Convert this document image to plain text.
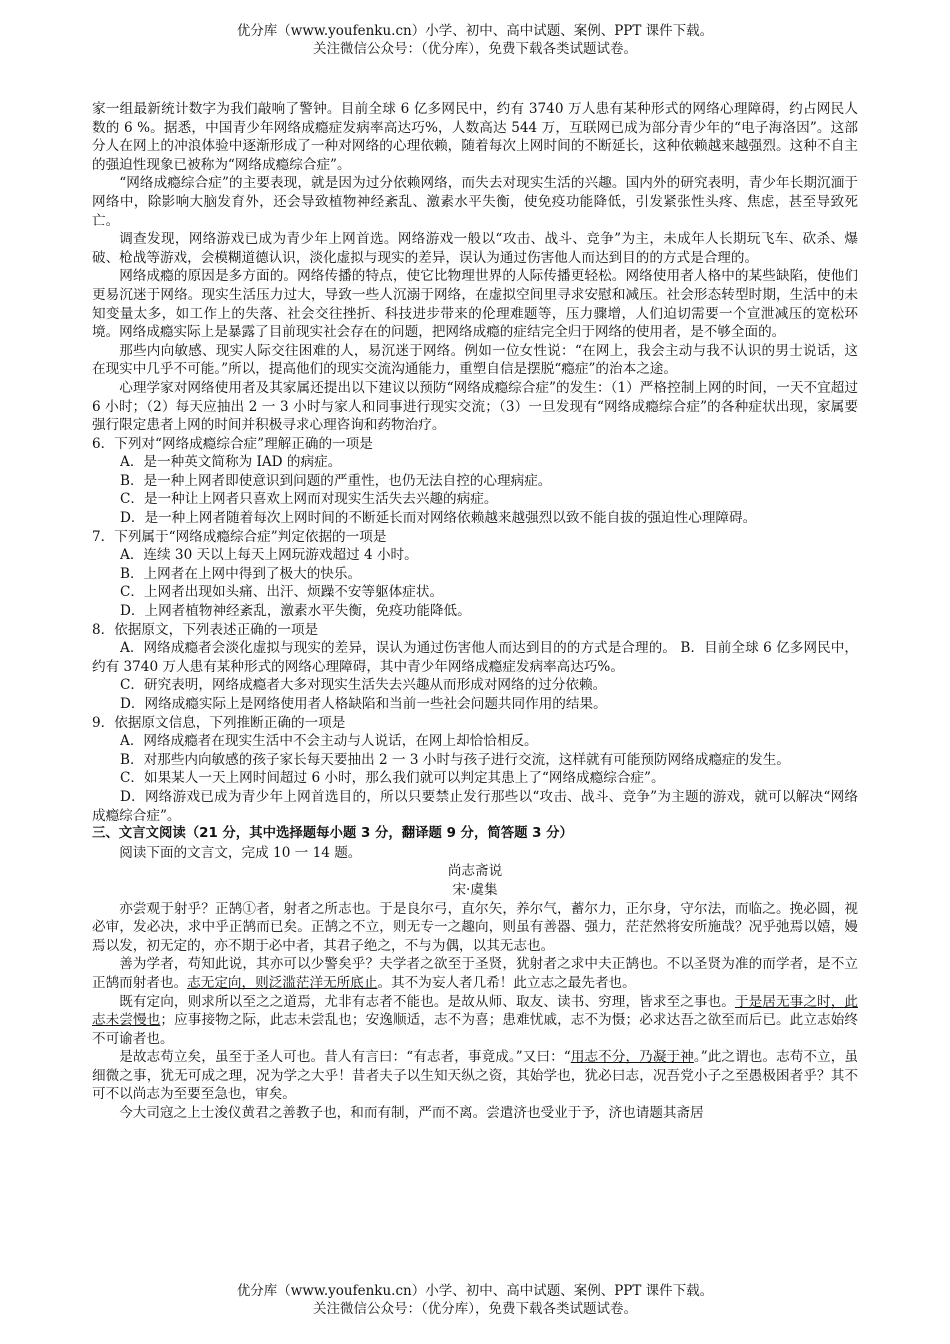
优分库（www.youfenku.cn）小学、初中、高中试题、案例、PPT 课件下载。
关注微信公众号：（优分库），免费下载各类试题试卷。

家一组最新统计数字为我们敲响了警钟。目前全球 6 亿多网民中，约有 3740 万人患有某种形式的网络心理障碍，约占网民人数的 6 %。据悉，中国青少年网络成瘾症发病率高达巧%，人数高达 544 万，互联网已成为部分青少年的“电子海洛因”。这部分人在网上的冲浪体验中逐渐形成了一种对网络的心理依赖，随着每次上网时间的不断延长，这种依赖越来越强烈。这种不自主的强迫性现象已被称为“网络成瘾综合症”。

“网络成瘾综合症”的主要表现，就是因为过分依赖网络，而失去对现实生活的兴趣。国内外的研究表明，青少年长期沉湎于网络中，除影响大脑发育外，还会导致植物神经紊乱、激素水平失衡，使免疫功能降低，引发紧张性头疼、焦虑，甚至导致死亡。

调查发现，网络游戏已成为青少年上网首选。网络游戏一般以“攻击、战斗、竞争”为主，未成年人长期玩飞车、砍杀、爆破、枪战等游戏，会模糊道德认识，淡化虚拟与现实的差异，误认为通过伤害他人而达到目的的方式是合理的。

网络成瘾的原因是多方面的。网络传播的特点，使它比物理世界的人际传播更轻松。网络使用者人格中的某些缺陷，使他们更易沉迷于网络。现实生活压力过大，导致一些人沉溺于网络，在虚拟空间里寻求安慰和减压。社会形态转型时期，生活中的未知变量太多，如工作上的失落、社会交往挫折、科技进步带来的伦理难题等，压力骤增，人们迫切需要一个宣泄减压的宽松环境。网络成瘾实际上是暴露了目前现实社会存在的问题，把网络成瘾的症结完全归于网络的使用者，是不够全面的。

那些内向敏感、现实人际交往困难的人，易沉迷于网络。例如一位女性说：“在网上，我会主动与我不认识的男士说话，这在现实中几乎不可能。”所以，提高他们的现实交流沟通能力，重塑自信是摆脱“瘾症”的治本之途。

心理学家对网络使用者及其家属还提出以下建议以预防“网络成瘾综合症”的发生：（1）严格控制上网的时间，一天不宜超过 6 小时；（2）每天应抽出 2 一 3 小时与家人和同事进行现实交流；（3）一旦发现有“网络成瘾综合症”的各种症状出现，家属要强行限定患者上网的时间并积极寻求心理咨询和药物治疗。

6．下列对“网络成瘾综合症”理解正确的一项是

A．是一种英文简称为 IAD 的病症。

B．是一种上网者即使意识到问题的严重性，也仍无法自控的心理病症。

C．是一种让上网者只喜欢上网而对现实生活失去兴趣的病症。

D．是一种上网者随着每次上网时间的不断延长而对网络依赖越来越强烈以致不能自拔的强迫性心理障碍。

7．下列属于“网络成瘾综合症”判定依据的一项是

A．连续 30 天以上每天上网玩游戏超过 4 小时。

B．上网者在上网中得到了极大的快乐。

C．上网者出现如头痛、出汗、烦躁不安等躯体症状。

D．上网者植物神经紊乱，激素水平失衡，免疫功能降低。

8．依据原文，下列表述正确的一项是

A．网络成瘾者会淡化虚拟与现实的差异，误认为通过伤害他人而达到目的的方式是合理的。 B．目前全球 6 亿多网民中，约有 3740 万人患有某种形式的网络心理障碍，其中青少年网络成瘾症发病率高达巧%。

C．研究表明，网络成瘾者大多对现实生活失去兴趣从而形成对网络的过分依赖。

D．网络成瘾实际上是网络使用者人格缺陷和当前一些社会问题共同作用的结果。

9．依据原文信息，下列推断正确的一项是

A．网络成瘾者在现实生活中不会主动与人说话，在网上却恰恰相反。

B．对那些内向敏感的孩子家长每天要抽出 2 一 3 小时与孩子进行交流，这样就有可能预防网络成瘾症的发生。

C．如果某人一天上网时间超过 6 小时，那么我们就可以判定其患上了“网络成瘾综合症”。

D．网络游戏已成为青少年上网首选目的，所以只要禁止发行那些以“攻击、战斗、竞争”为主题的游戏，就可以解决“网络成瘾综合症”。

三、文言文阅读（21 分，其中选择题每小题 3 分，翻译题 9 分，简答题 3 分）

阅读下面的文言文，完成 10 一 14 题。

尚志斋说

宋·虞集

亦尝观于射乎？正鹄①者，射者之所志也。于是良尔弓，直尔矢，养尔气，蓄尔力，正尔身，守尔法，而临之。挽必圆，视必审，发必决，求中乎正鹄而已矣。正鹄之不立，则无专一之趣向，则虽有善器、强力，茫茫然将安所施哉？况乎弛焉以嬉，嫚焉以发，初无定的，亦不期于必中者，其君子绝之，不与为偶，以其无志也。

善为学者，苟知此说，其亦可以少警矣乎？夫学者之欲至于圣贤，犹射者之求中夫正鹄也。不以圣贤为准的而学者，是不立正鹄而射者也。志无定向，则泛滥茫洋无所底止。其不为妄人者几希！此立志之最先者也。

既有定向，则求所以至之之道焉，尤非有志者不能也。是故从师、取友、读书、穷理，皆求至之事也。于是居无事之时，此志未尝慢也；应事接物之际，此志未尝乱也；安逸顺适，志不为喜；患难忧戚，志不为慑；必求达吾之欲至而后已。此立志始终不可谕者也。

是故志苟立矣，虽至于圣人可也。昔人有言曰：“有志者，事竟成。”又曰：“用志不分，乃凝于神。”此之谓也。志苟不立，虽细微之事，犹无可成之理，况为学之大乎！昔者夫子以生知天纵之资，其始学也，犹必曰志，况吾党小子之至愚极困者乎？其不可不以尚志为至要至急也，审矣。

今大司寇之上士浚仪黄君之善教子也，和而有制，严而不离。尝遣济也受业于予，济也请题其斋居

优分库（www.youfenku.cn）小学、初中、高中试题、案例、PPT 课件下载。
关注微信公众号：（优分库），免费下载各类试题试卷。
